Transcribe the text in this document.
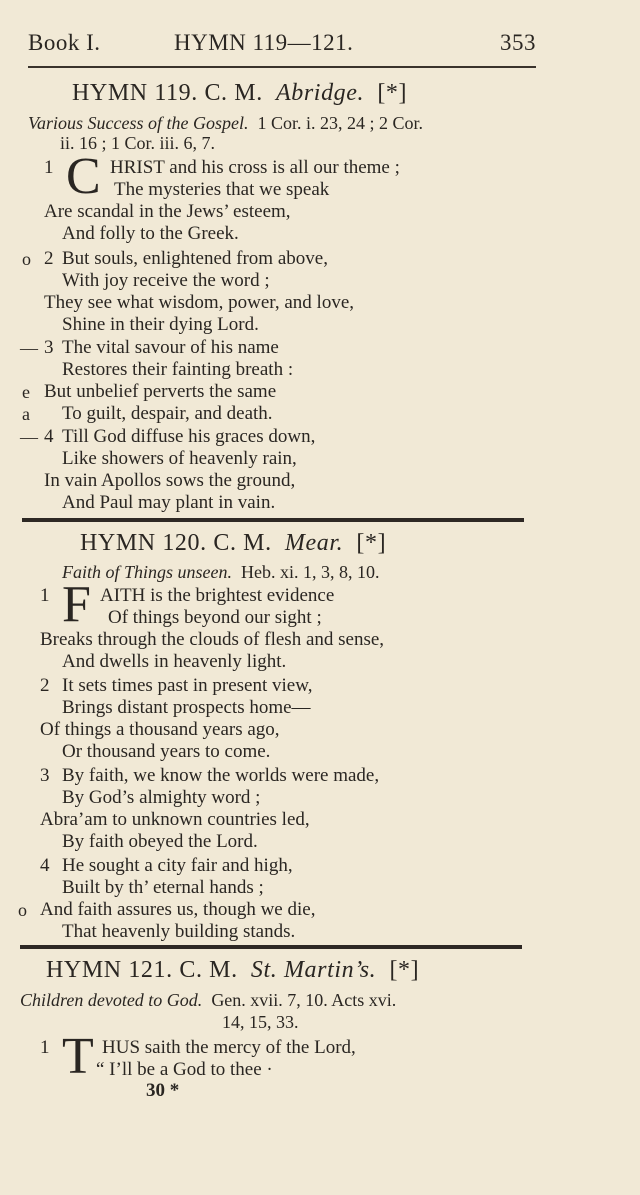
Book I.	HYMN 119—121.	353
HYMN 119. C. M. Abridge. [*]
Various Success of the Gospel. 1 Cor. i. 23, 24 ; 2 Cor.
ii. 16 ; 1 Cor. iii. 6, 7.
1 C HRIST and his cross is all our theme ;
The mysteries that we speak
Are scandal in the Jews’ esteem,
And folly to the Greek.
o 2 But souls, enlightened from above,
With joy receive the word ;
They see what wisdom, power, and love,
Shine in their dying Lord.
— 3 The vital savour of his name
Restores their fainting breath :
e But unbelief perverts the same
a To guilt, despair, and death.
— 4 Till God diffuse his graces down,
Like showers of heavenly rain,
In vain Apollos sows the ground,
And Paul may plant in vain.
HYMN 120. C. M. Mear. [*]
Faith of Things unseen. Heb. xi. 1, 3, 8, 10.
1 F AITH is the brightest evidence
Of things beyond our sight ;
Breaks through the clouds of flesh and sense,
And dwells in heavenly light.
2 It sets times past in present view,
Brings distant prospects home—
Of things a thousand years ago,
Or thousand years to come.
3 By faith, we know the worlds were made,
By God’s almighty word ;
Abra’am to unknown countries led,
By faith obeyed the Lord.
4 He sought a city fair and high,
Built by th’ eternal hands ;
o And faith assures us, though we die,
That heavenly building stands.
HYMN 121. C. M. St. Martin’s. [*]
Children devoted to God. Gen. xvii. 7, 10. Acts xvi.
14, 15, 33.
1 T HUS saith the mercy of the Lord,
“ I’ll be a God to thee ·
30 *
